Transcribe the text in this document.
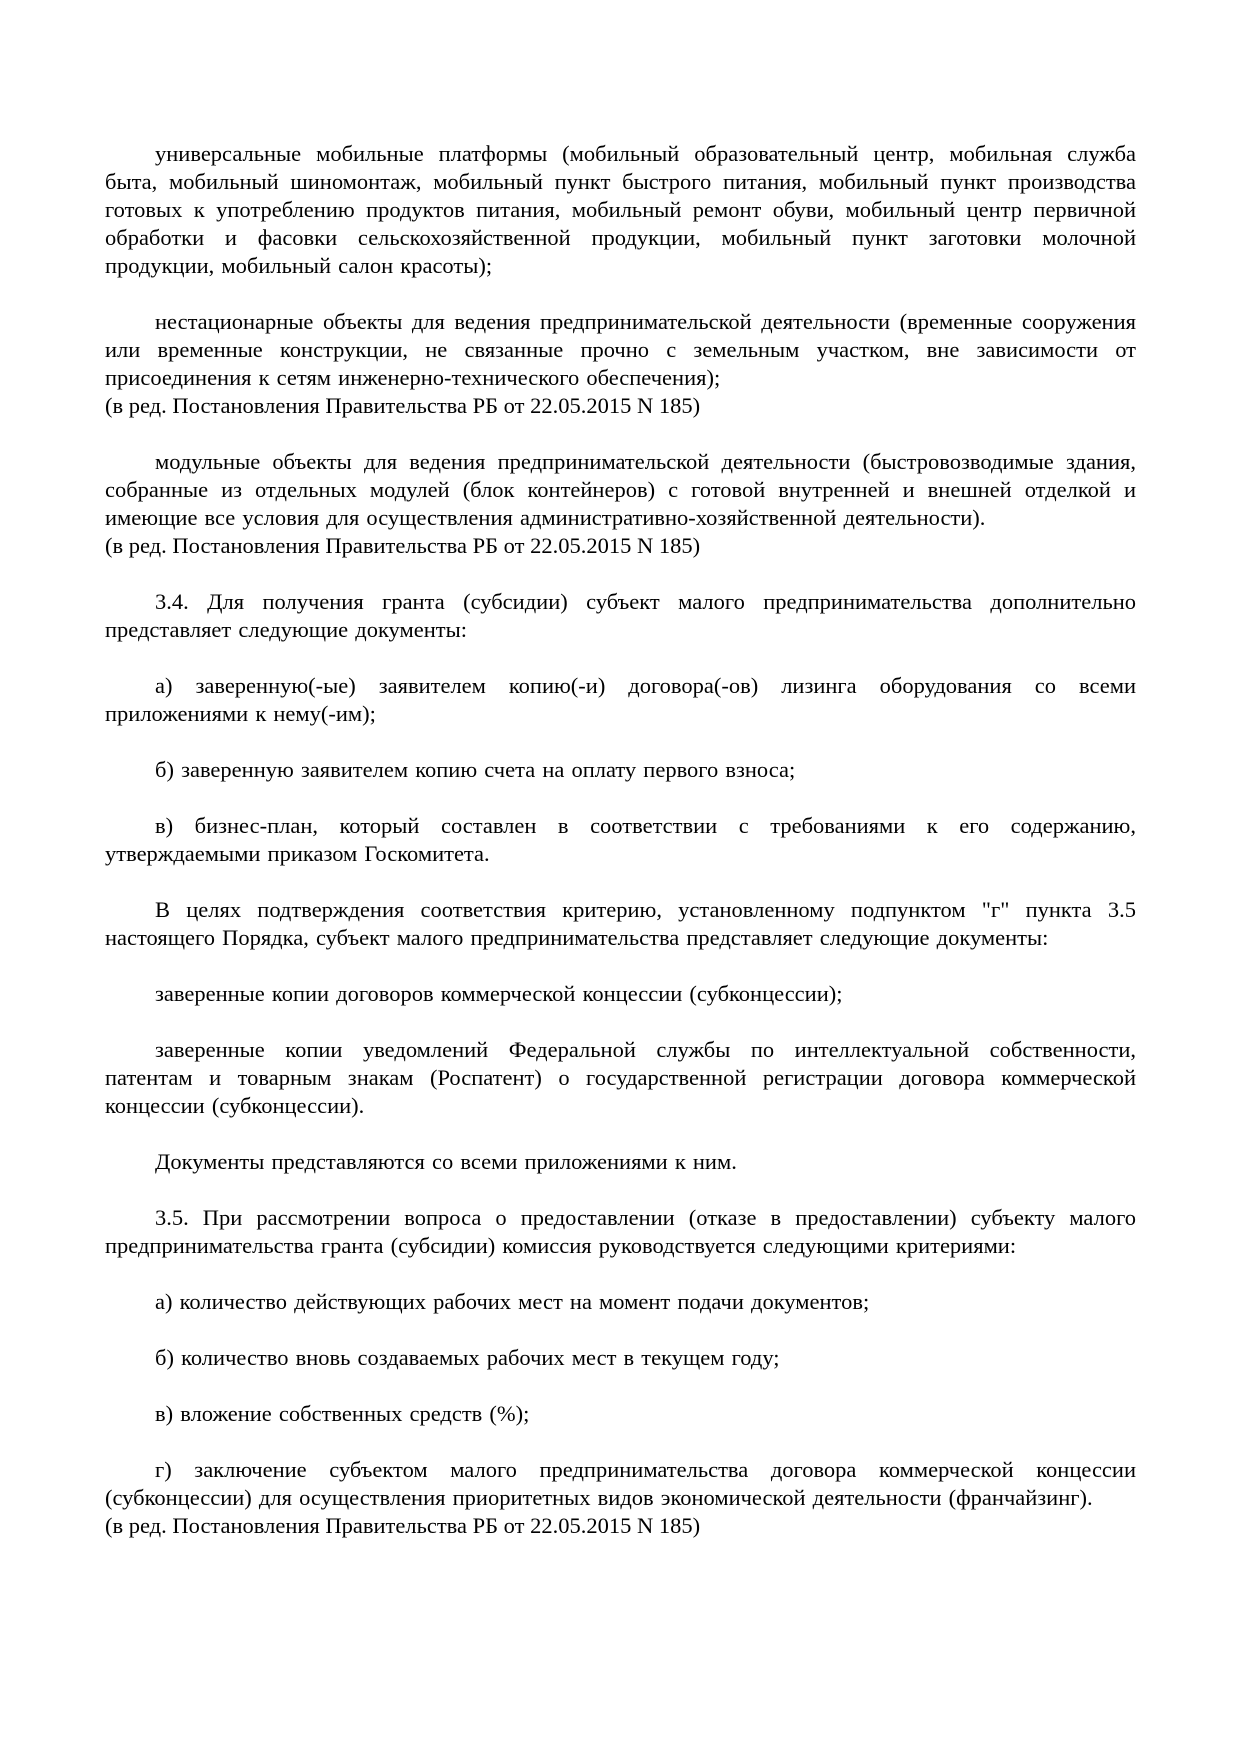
универсальные мобильные платформы (мобильный образовательный центр, мобильная служба быта, мобильный шиномонтаж, мобильный пункт быстрого питания, мобильный пункт производства готовых к употреблению продуктов питания, мобильный ремонт обуви, мобильный центр первичной обработки и фасовки сельскохозяйственной продукции, мобильный пункт заготовки молочной продукции, мобильный салон красоты);

нестационарные объекты для ведения предпринимательской деятельности (временные сооружения или временные конструкции, не связанные прочно с земельным участком, вне зависимости от присоединения к сетям инженерно-технического обеспечения);

(в ред. Постановления Правительства РБ от 22.05.2015 N 185)

модульные объекты для ведения предпринимательской деятельности (быстровозводимые здания, собранные из отдельных модулей (блок контейнеров) с готовой внутренней и внешней отделкой и имеющие все условия для осуществления административно-хозяйственной деятельности).

(в ред. Постановления Правительства РБ от 22.05.2015 N 185)

3.4. Для получения гранта (субсидии) субъект малого предпринимательства дополнительно представляет следующие документы:

а) заверенную(-ые) заявителем копию(-и) договора(-ов) лизинга оборудования со всеми приложениями к нему(-им);

б) заверенную заявителем копию счета на оплату первого взноса;

в) бизнес-план, который составлен в соответствии с требованиями к его содержанию, утверждаемыми приказом Госкомитета.

В целях подтверждения соответствия критерию, установленному подпунктом "г" пункта 3.5 настоящего Порядка, субъект малого предпринимательства представляет следующие документы:

заверенные копии договоров коммерческой концессии (субконцессии);

заверенные копии уведомлений Федеральной службы по интеллектуальной собственности, патентам и товарным знакам (Роспатент) о государственной регистрации договора коммерческой концессии (субконцессии).

Документы представляются со всеми приложениями к ним.

3.5. При рассмотрении вопроса о предоставлении (отказе в предоставлении) субъекту малого предпринимательства гранта (субсидии) комиссия руководствуется следующими критериями:

а) количество действующих рабочих мест на момент подачи документов;

б) количество вновь создаваемых рабочих мест в текущем году;

в) вложение собственных средств (%);

г) заключение субъектом малого предпринимательства договора коммерческой концессии (субконцессии) для осуществления приоритетных видов экономической деятельности (франчайзинг).

(в ред. Постановления Правительства РБ от 22.05.2015 N 185)
